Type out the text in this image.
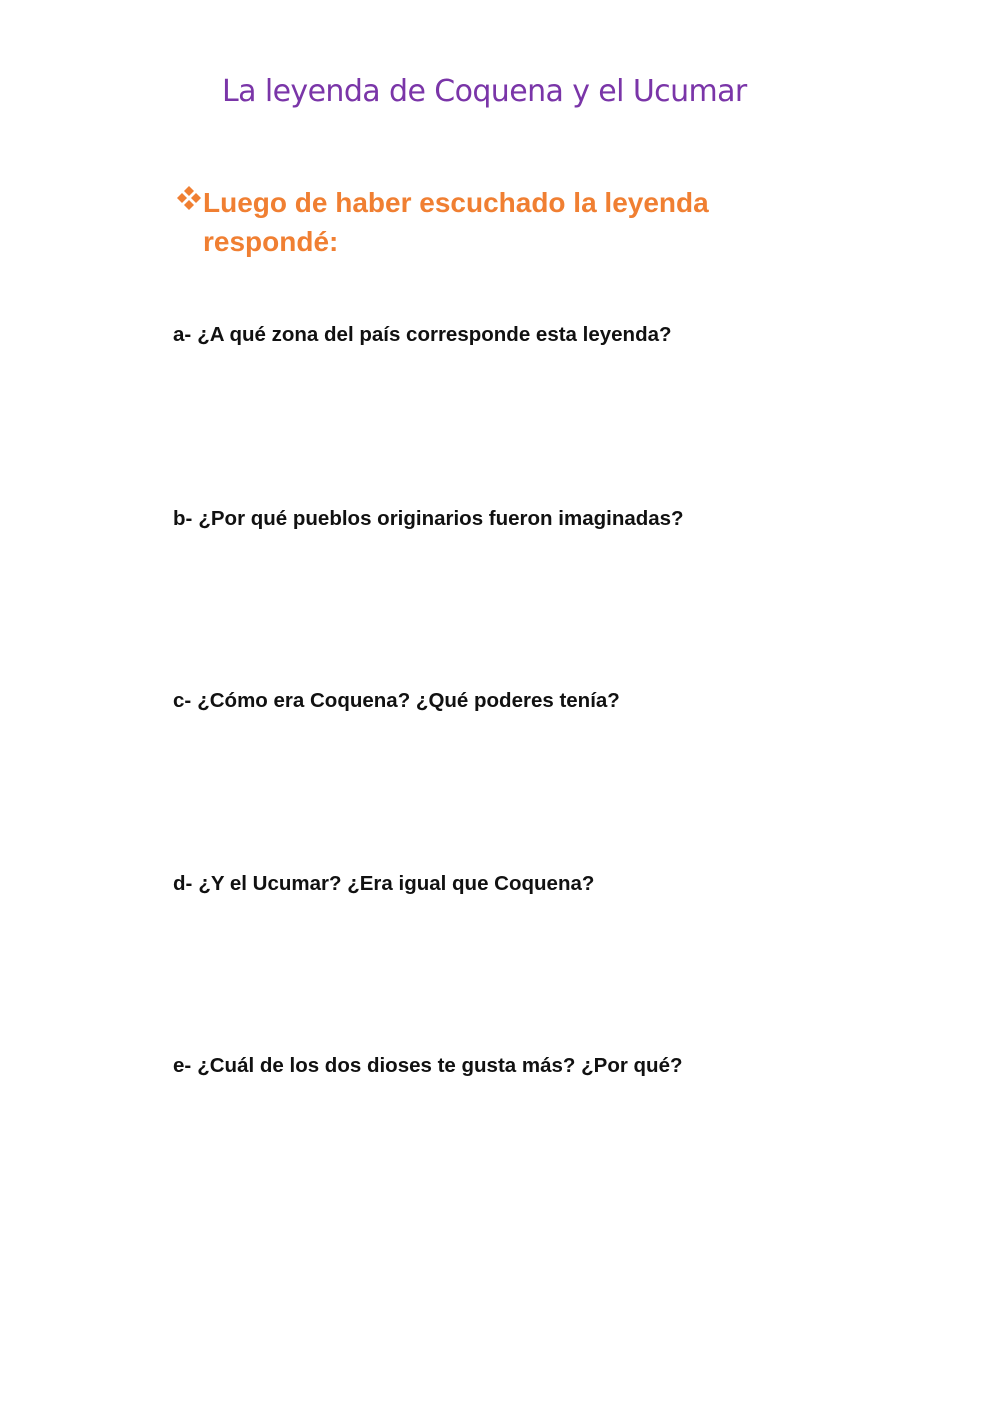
La leyenda de Coquena y el Ucumar
Luego de haber escuchado la leyenda respondé:

a- ¿A qué zona del país corresponde esta leyenda?

b- ¿Por qué pueblos originarios fueron imaginadas?

c- ¿Cómo era Coquena? ¿Qué poderes tenía?

d- ¿Y el Ucumar? ¿Era igual que Coquena?

e- ¿Cuál de los dos dioses te gusta más? ¿Por qué?
